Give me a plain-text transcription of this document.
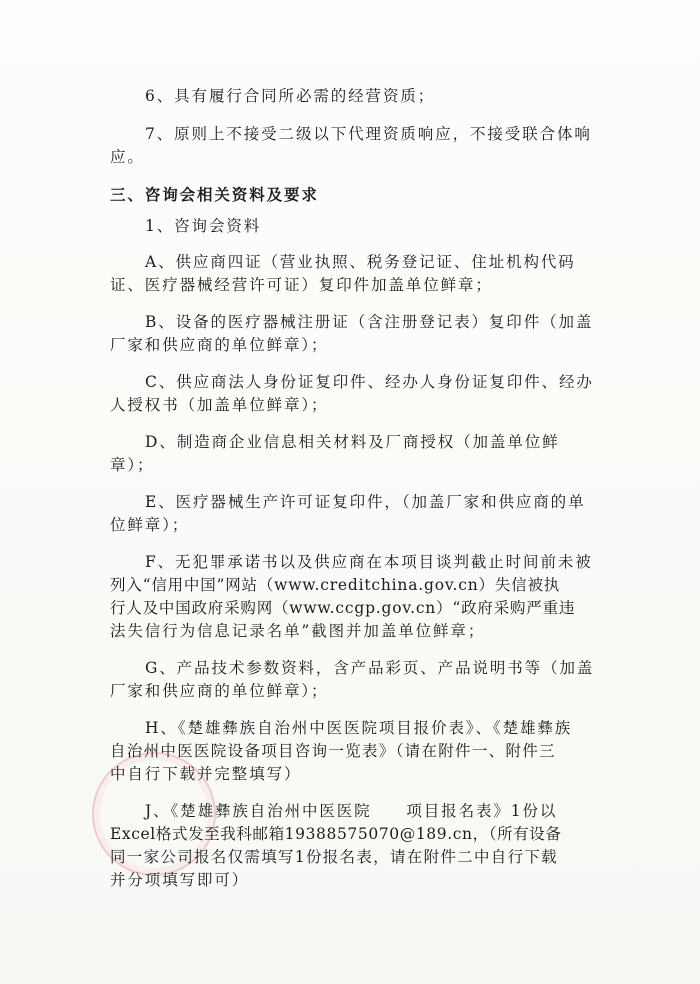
6、具有履行合同所必需的经营资质；
7、原则上不接受二级以下代理资质响应，不接受联合体响
应。
三、咨询会相关资料及要求
1、咨询会资料
A、供应商四证（营业执照、税务登记证、住址机构代码
证、医疗器械经营许可证）复印件加盖单位鲜章；
B、设备的医疗器械注册证（含注册登记表）复印件（加盖
厂家和供应商的单位鲜章）；
C、供应商法人身份证复印件、经办人身份证复印件、经办
人授权书（加盖单位鲜章）；
D、制造商企业信息相关材料及厂商授权（加盖单位鲜
章）；
E、医疗器械生产许可证复印件，（加盖厂家和供应商的单
位鲜章）；
F、无犯罪承诺书以及供应商在本项目谈判截止时间前未被
列入“信用中国”网站（www.creditchina.gov.cn）失信被执
行人及中国政府采购网（www.ccgp.gov.cn）“政府采购严重违
法失信行为信息记录名单”截图并加盖单位鲜章；
G、产品技术参数资料，含产品彩页、产品说明书等（加盖
厂家和供应商的单位鲜章）；
H、《楚雄彝族自治州中医医院项目报价表》、《楚雄彝族
自治州中医医院设备项目咨询一览表》（请在附件一、附件三
中自行下载并完整填写）
J、《楚雄彝族自治州中医医院　　项目报名表》1份以
Excel格式发至我科邮箱19388575070@189.cn，（所有设备
同一家公司报名仅需填写1份报名表，请在附件二中自行下载
并分项填写即可）
